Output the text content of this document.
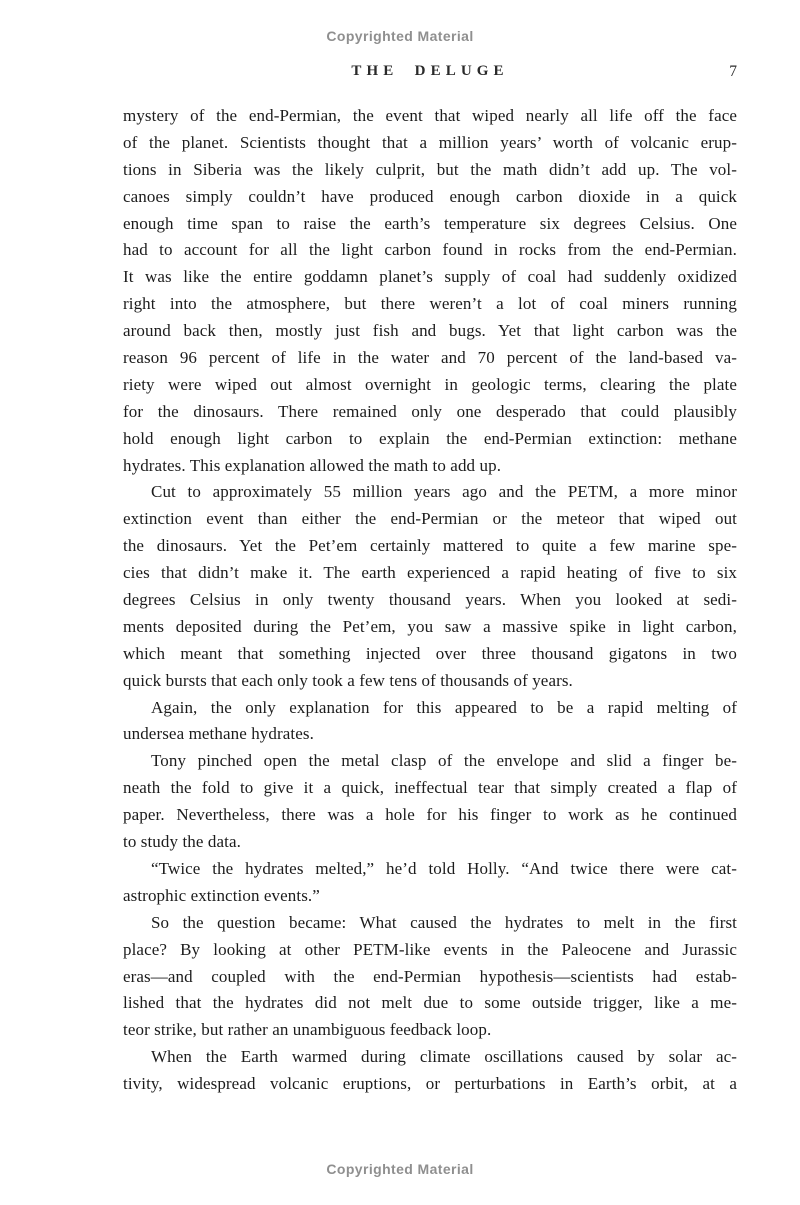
Copyrighted Material
THE DELUGE	7
mystery of the end-Permian, the event that wiped nearly all life off the face
of the planet. Scientists thought that a million years’ worth of volcanic erup-
tions in Siberia was the likely culprit, but the math didn’t add up. The vol-
canoes simply couldn’t have produced enough carbon dioxide in a quick
enough time span to raise the earth’s temperature six degrees Celsius. One
had to account for all the light carbon found in rocks from the end-Permian.
It was like the entire goddamn planet’s supply of coal had suddenly oxidized
right into the atmosphere, but there weren’t a lot of coal miners running
around back then, mostly just fish and bugs. Yet that light carbon was the
reason 96 percent of life in the water and 70 percent of the land-based va-
riety were wiped out almost overnight in geologic terms, clearing the plate
for the dinosaurs. There remained only one desperado that could plausibly
hold enough light carbon to explain the end-Permian extinction: methane
hydrates. This explanation allowed the math to add up.
Cut to approximately 55 million years ago and the PETM, a more minor
extinction event than either the end-Permian or the meteor that wiped out
the dinosaurs. Yet the Pet’em certainly mattered to quite a few marine spe-
cies that didn’t make it. The earth experienced a rapid heating of five to six
degrees Celsius in only twenty thousand years. When you looked at sedi-
ments deposited during the Pet’em, you saw a massive spike in light carbon,
which meant that something injected over three thousand gigatons in two
quick bursts that each only took a few tens of thousands of years.
Again, the only explanation for this appeared to be a rapid melting of
undersea methane hydrates.
Tony pinched open the metal clasp of the envelope and slid a finger be-
neath the fold to give it a quick, ineffectual tear that simply created a flap of
paper. Nevertheless, there was a hole for his finger to work as he continued
to study the data.
“Twice the hydrates melted,” he’d told Holly. “And twice there were cat-
astrophic extinction events.”
So the question became: What caused the hydrates to melt in the first
place? By looking at other PETM-like events in the Paleocene and Jurassic
eras—and coupled with the end-Permian hypothesis—scientists had estab-
lished that the hydrates did not melt due to some outside trigger, like a me-
teor strike, but rather an unambiguous feedback loop.
When the Earth warmed during climate oscillations caused by solar ac-
tivity, widespread volcanic eruptions, or perturbations in Earth’s orbit, at a
Copyrighted Material
